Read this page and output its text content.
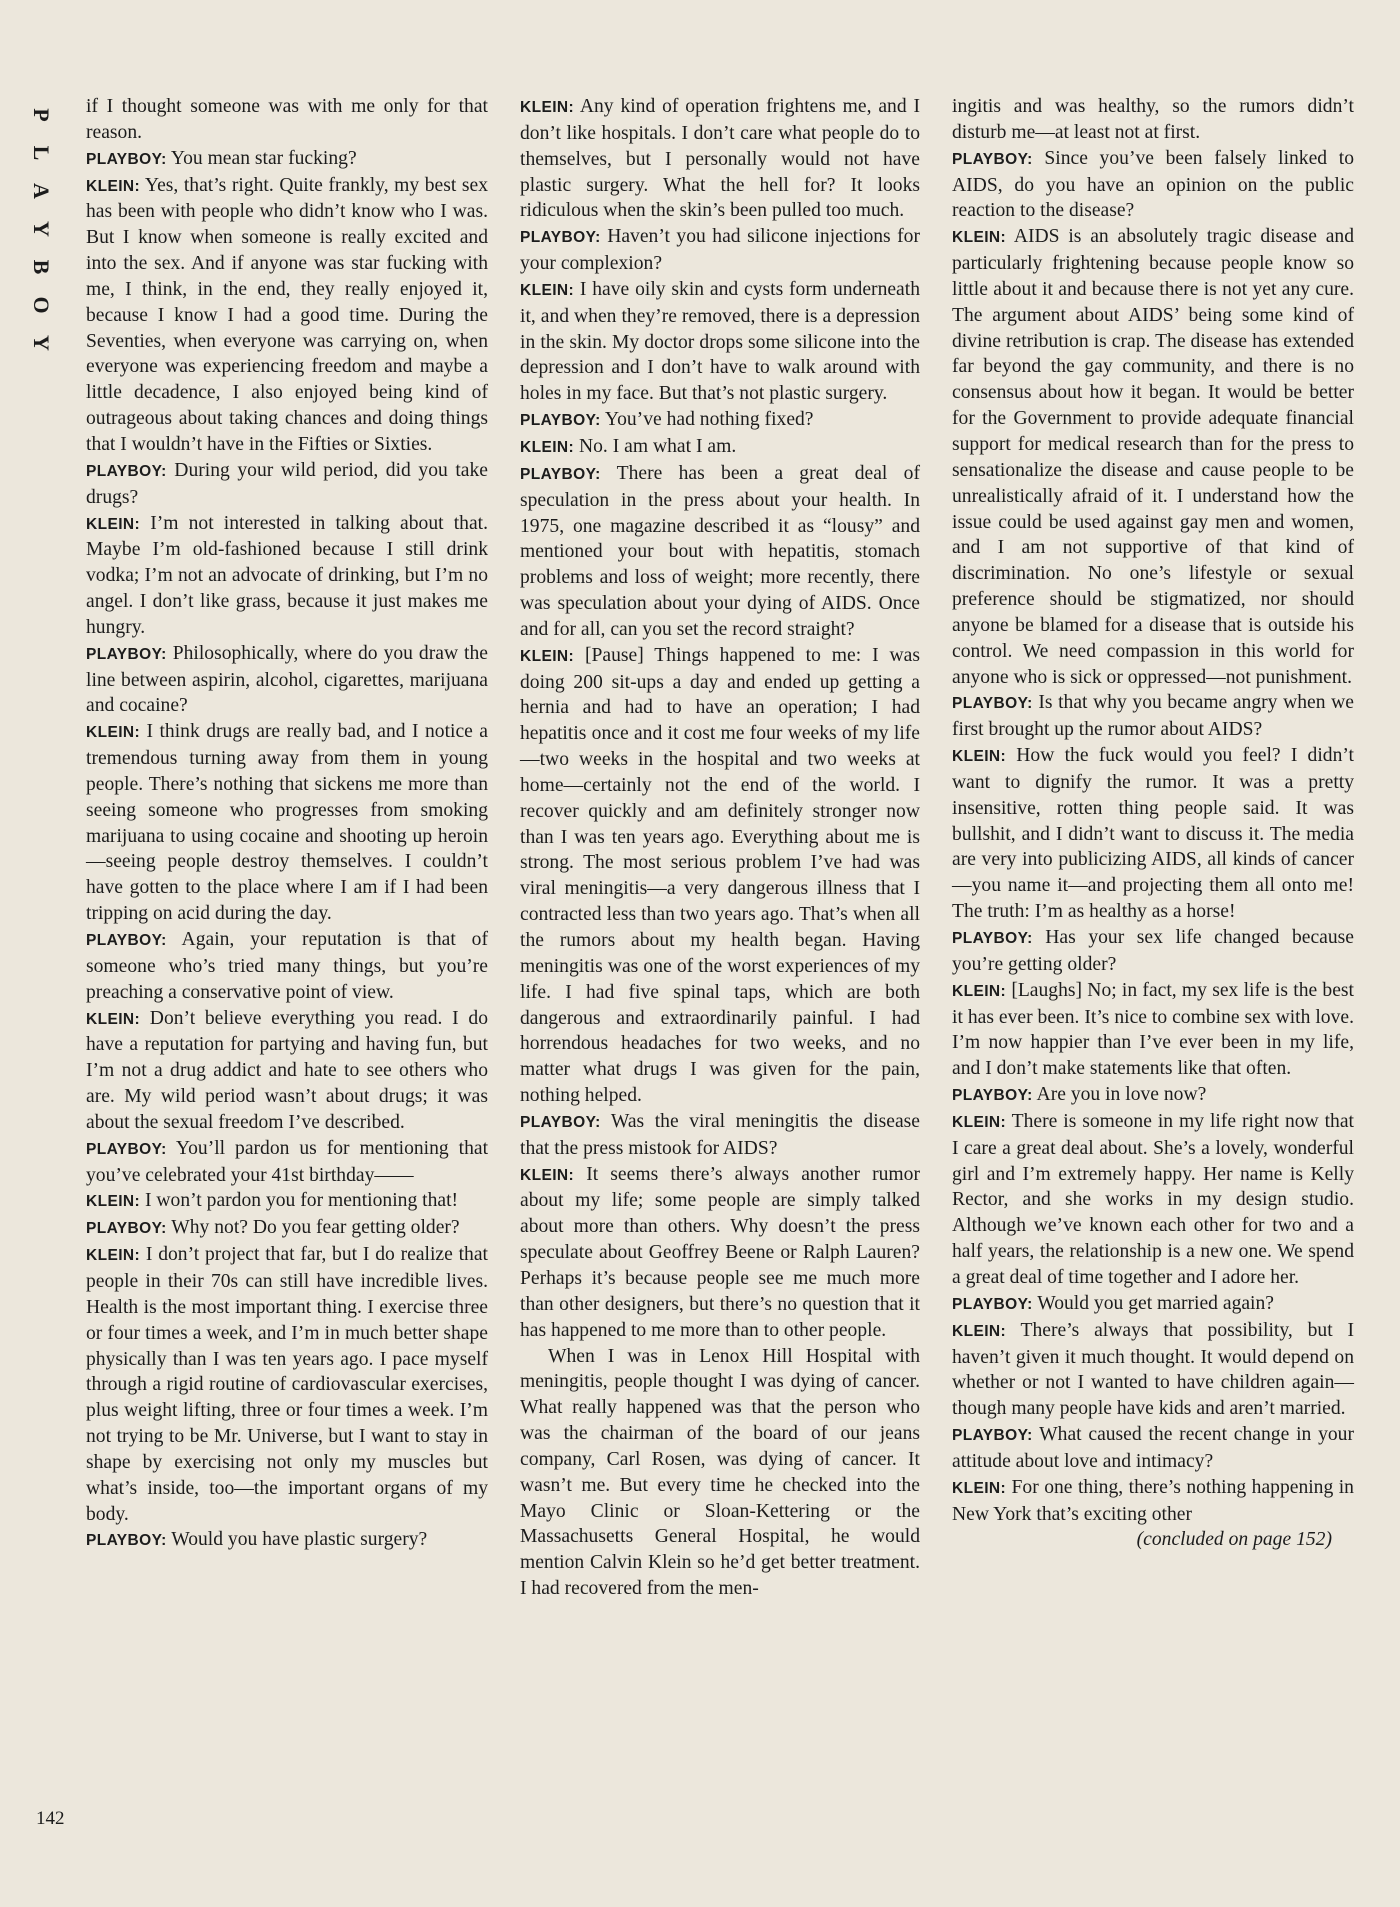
P
L
A
Y
B
O
Y

if I thought someone was with me only for that reason.

PLAYBOY: You mean star fucking?

KLEIN: Yes, that’s right. Quite frankly, my best sex has been with people who didn’t know who I was. But I know when someone is really excited and into the sex. And if anyone was star fucking with me, I think, in the end, they really enjoyed it, because I know I had a good time. During the Seventies, when everyone was carrying on, when everyone was experiencing freedom and maybe a little decadence, I also enjoyed being kind of outrageous about taking chances and doing things that I wouldn’t have in the Fifties or Sixties.

PLAYBOY: During your wild period, did you take drugs?

KLEIN: I’m not interested in talking about that. Maybe I’m old-fashioned because I still drink vodka; I’m not an advocate of drinking, but I’m no angel. I don’t like grass, because it just makes me hungry.

PLAYBOY: Philosophically, where do you draw the line between aspirin, alcohol, cigarettes, marijuana and cocaine?

KLEIN: I think drugs are really bad, and I notice a tremendous turning away from them in young people. There’s nothing that sickens me more than seeing someone who progresses from smoking marijuana to using cocaine and shooting up heroin—seeing people destroy themselves. I couldn’t have gotten to the place where I am if I had been tripping on acid during the day.

PLAYBOY: Again, your reputation is that of someone who’s tried many things, but you’re preaching a conservative point of view.

KLEIN: Don’t believe everything you read. I do have a reputation for partying and having fun, but I’m not a drug addict and hate to see others who are. My wild period wasn’t about drugs; it was about the sexual freedom I’ve described.

PLAYBOY: You’ll pardon us for mentioning that you’ve celebrated your 41st birthday——

KLEIN: I won’t pardon you for mentioning that!

PLAYBOY: Why not? Do you fear getting older?

KLEIN: I don’t project that far, but I do realize that people in their 70s can still have incredible lives. Health is the most important thing. I exercise three or four times a week, and I’m in much better shape physically than I was ten years ago. I pace myself through a rigid routine of cardiovascular exercises, plus weight lifting, three or four times a week. I’m not trying to be Mr. Universe, but I want to stay in shape by exercising not only my muscles but what’s inside, too—the important organs of my body.

PLAYBOY: Would you have plastic surgery?

KLEIN: Any kind of operation frightens me, and I don’t like hospitals. I don’t care what people do to themselves, but I personally would not have plastic surgery. What the hell for? It looks ridiculous when the skin’s been pulled too much.

PLAYBOY: Haven’t you had silicone injections for your complexion?

KLEIN: I have oily skin and cysts form underneath it, and when they’re removed, there is a depression in the skin. My doctor drops some silicone into the depression and I don’t have to walk around with holes in my face. But that’s not plastic surgery.

PLAYBOY: You’ve had nothing fixed?

KLEIN: No. I am what I am.

PLAYBOY: There has been a great deal of speculation in the press about your health. In 1975, one magazine described it as “lousy” and mentioned your bout with hepatitis, stomach problems and loss of weight; more recently, there was speculation about your dying of AIDS. Once and for all, can you set the record straight?

KLEIN: [Pause] Things happened to me: I was doing 200 sit-ups a day and ended up getting a hernia and had to have an operation; I had hepatitis once and it cost me four weeks of my life—two weeks in the hospital and two weeks at home—certainly not the end of the world. I recover quickly and am definitely stronger now than I was ten years ago. Everything about me is strong. The most serious problem I’ve had was viral meningitis—a very dangerous illness that I contracted less than two years ago. That’s when all the rumors about my health began. Having meningitis was one of the worst experiences of my life. I had five spinal taps, which are both dangerous and extraordinarily painful. I had horrendous headaches for two weeks, and no matter what drugs I was given for the pain, nothing helped.

PLAYBOY: Was the viral meningitis the disease that the press mistook for AIDS?

KLEIN: It seems there’s always another rumor about my life; some people are simply talked about more than others. Why doesn’t the press speculate about Geoffrey Beene or Ralph Lauren? Perhaps it’s because people see me much more than other designers, but there’s no question that it has happened to me more than to other people.

When I was in Lenox Hill Hospital with meningitis, people thought I was dying of cancer. What really happened was that the person who was the chairman of the board of our jeans company, Carl Rosen, was dying of cancer. It wasn’t me. But every time he checked into the Mayo Clinic or Sloan-Kettering or the Massachusetts General Hospital, he would mention Calvin Klein so he’d get better treatment. I had recovered from the men-

ingitis and was healthy, so the rumors didn’t disturb me—at least not at first.

PLAYBOY: Since you’ve been falsely linked to AIDS, do you have an opinion on the public reaction to the disease?

KLEIN: AIDS is an absolutely tragic disease and particularly frightening because people know so little about it and because there is not yet any cure. The argument about AIDS’ being some kind of divine retribution is crap. The disease has extended far beyond the gay community, and there is no consensus about how it began. It would be better for the Government to provide adequate financial support for medical research than for the press to sensationalize the disease and cause people to be unrealistically afraid of it. I understand how the issue could be used against gay men and women, and I am not supportive of that kind of discrimination. No one’s lifestyle or sexual preference should be stigmatized, nor should anyone be blamed for a disease that is outside his control. We need compassion in this world for anyone who is sick or oppressed—not punishment.

PLAYBOY: Is that why you became angry when we first brought up the rumor about AIDS?

KLEIN: How the fuck would you feel? I didn’t want to dignify the rumor. It was a pretty insensitive, rotten thing people said. It was bullshit, and I didn’t want to discuss it. The media are very into publicizing AIDS, all kinds of cancer—you name it—and projecting them all onto me! The truth: I’m as healthy as a horse!

PLAYBOY: Has your sex life changed because you’re getting older?

KLEIN: [Laughs] No; in fact, my sex life is the best it has ever been. It’s nice to combine sex with love. I’m now happier than I’ve ever been in my life, and I don’t make statements like that often.

PLAYBOY: Are you in love now?

KLEIN: There is someone in my life right now that I care a great deal about. She’s a lovely, wonderful girl and I’m extremely happy. Her name is Kelly Rector, and she works in my design studio. Although we’ve known each other for two and a half years, the relationship is a new one. We spend a great deal of time together and I adore her.

PLAYBOY: Would you get married again?

KLEIN: There’s always that possibility, but I haven’t given it much thought. It would depend on whether or not I wanted to have children again—though many people have kids and aren’t married.

PLAYBOY: What caused the recent change in your attitude about love and intimacy?

KLEIN: For one thing, there’s nothing happening in New York that’s exciting other

(concluded on page 152)

142
